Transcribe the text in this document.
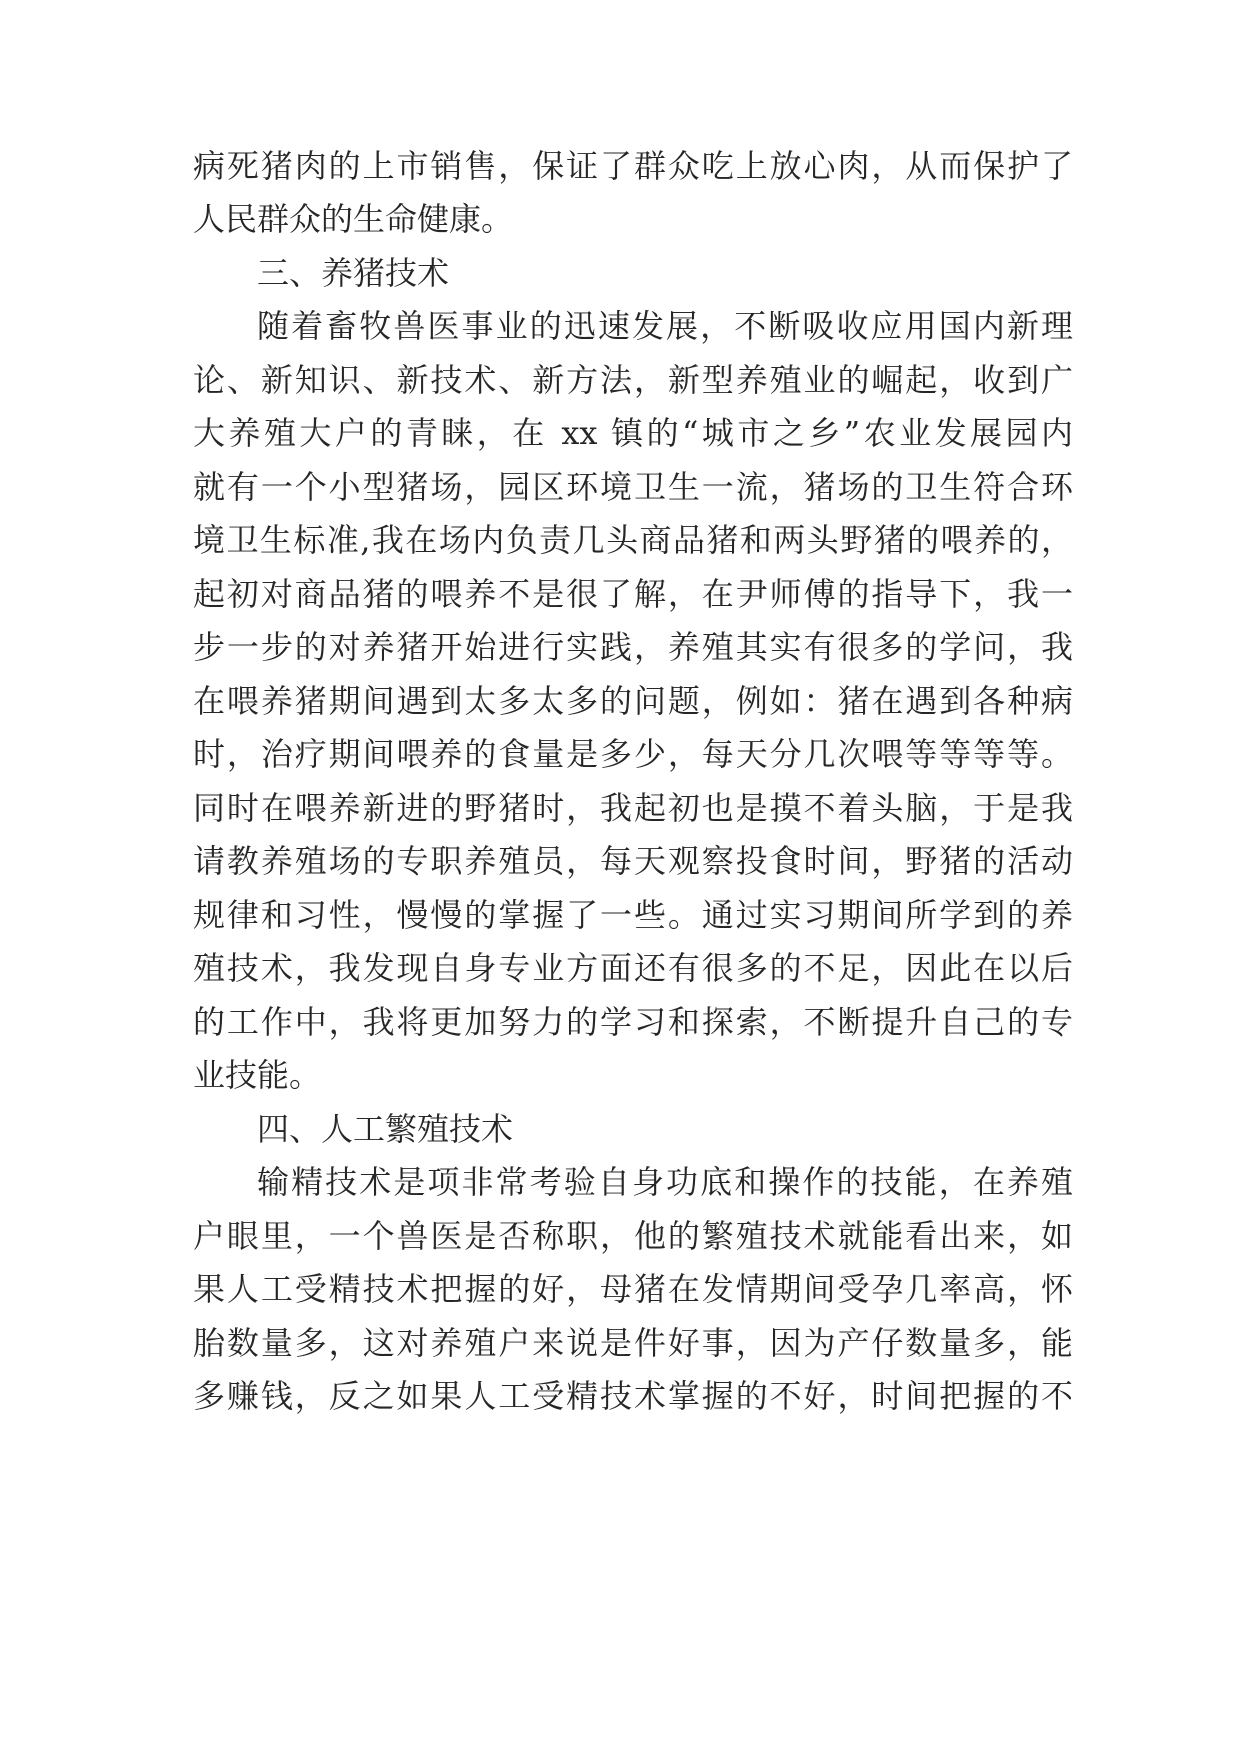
病死猪肉的上市销售，保证了群众吃上放心肉，从而保护了
人民群众的生命健康。
三、养猪技术
随着畜牧兽医事业的迅速发展，不断吸收应用国内新理
论、新知识、新技术、新方法，新型养殖业的崛起，收到广
大养殖大户的青睐，在 xx 镇的“城市之乡”农业发展园内
就有一个小型猪场，园区环境卫生一流，猪场的卫生符合环
境卫生标准,我在场内负责几头商品猪和两头野猪的喂养的，
起初对商品猪的喂养不是很了解，在尹师傅的指导下，我一
步一步的对养猪开始进行实践，养殖其实有很多的学问，我
在喂养猪期间遇到太多太多的问题，例如：猪在遇到各种病
时，治疗期间喂养的食量是多少，每天分几次喂等等等等。
同时在喂养新进的野猪时，我起初也是摸不着头脑，于是我
请教养殖场的专职养殖员，每天观察投食时间，野猪的活动
规律和习性，慢慢的掌握了一些。通过实习期间所学到的养
殖技术，我发现自身专业方面还有很多的不足，因此在以后
的工作中，我将更加努力的学习和探索，不断提升自己的专
业技能。
四、人工繁殖技术
输精技术是项非常考验自身功底和操作的技能，在养殖
户眼里，一个兽医是否称职，他的繁殖技术就能看出来，如
果人工受精技术把握的好，母猪在发情期间受孕几率高，怀
胎数量多，这对养殖户来说是件好事，因为产仔数量多，能
多赚钱，反之如果人工受精技术掌握的不好，时间把握的不
